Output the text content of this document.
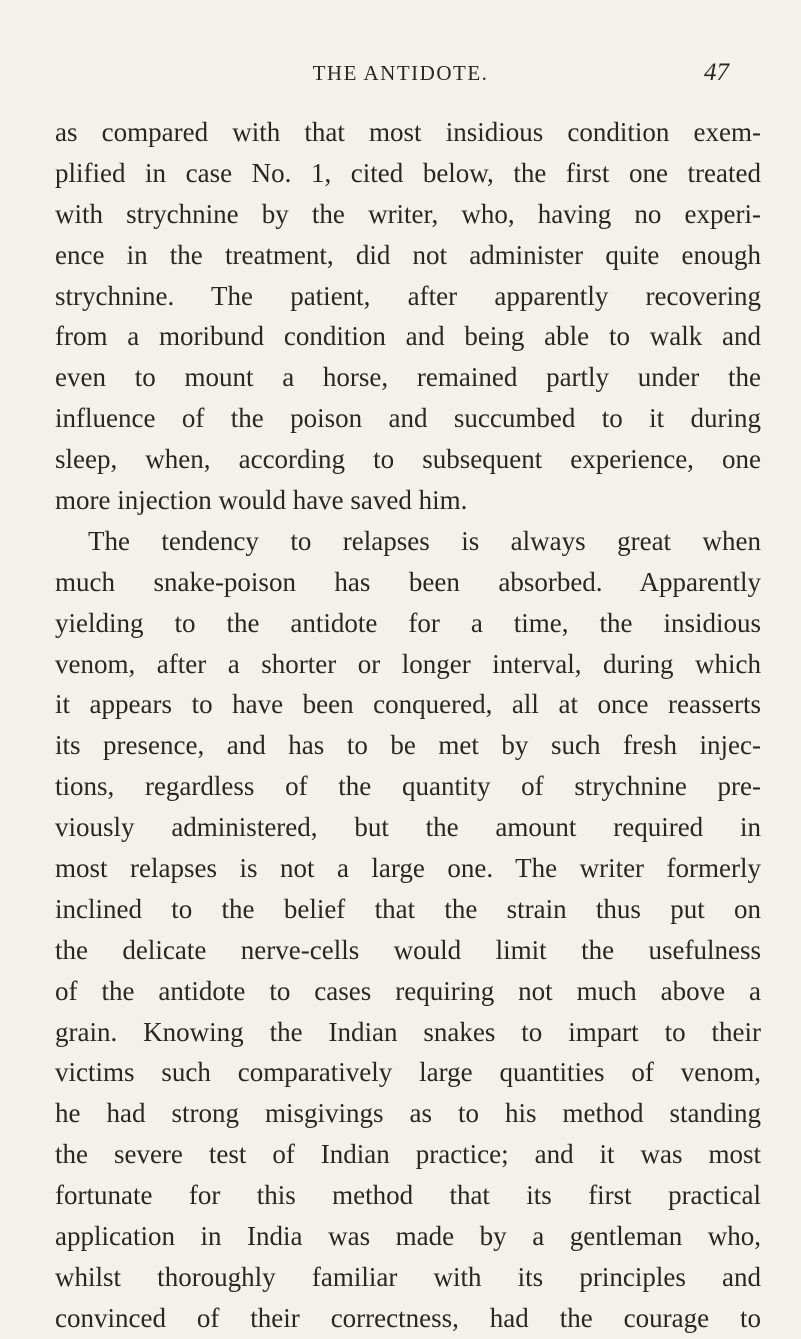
THE ANTIDOTE.	47
as compared with that most insidious condition exem-
plified in case No. 1, cited below, the first one treated
with strychnine by the writer, who, having no experi-
ence in the treatment, did not administer quite enough
strychnine. The patient, after apparently recovering
from a moribund condition and being able to walk and
even to mount a horse, remained partly under the
influence of the poison and succumbed to it during
sleep, when, according to subsequent experience, one
more injection would have saved him.
The tendency to relapses is always great when
much snake-poison has been absorbed. Apparently
yielding to the antidote for a time, the insidious
venom, after a shorter or longer interval, during which
it appears to have been conquered, all at once reasserts
its presence, and has to be met by such fresh injec-
tions, regardless of the quantity of strychnine pre-
viously administered, but the amount required in
most relapses is not a large one. The writer formerly
inclined to the belief that the strain thus put on
the delicate nerve-cells would limit the usefulness
of the antidote to cases requiring not much above a
grain. Knowing the Indian snakes to impart to their
victims such comparatively large quantities of venom,
he had strong misgivings as to his method standing
the severe test of Indian practice; and it was most
fortunate for this method that its first practical
application in India was made by a gentleman who,
whilst thoroughly familiar with its principles and
convinced of their correctness, had the courage to
